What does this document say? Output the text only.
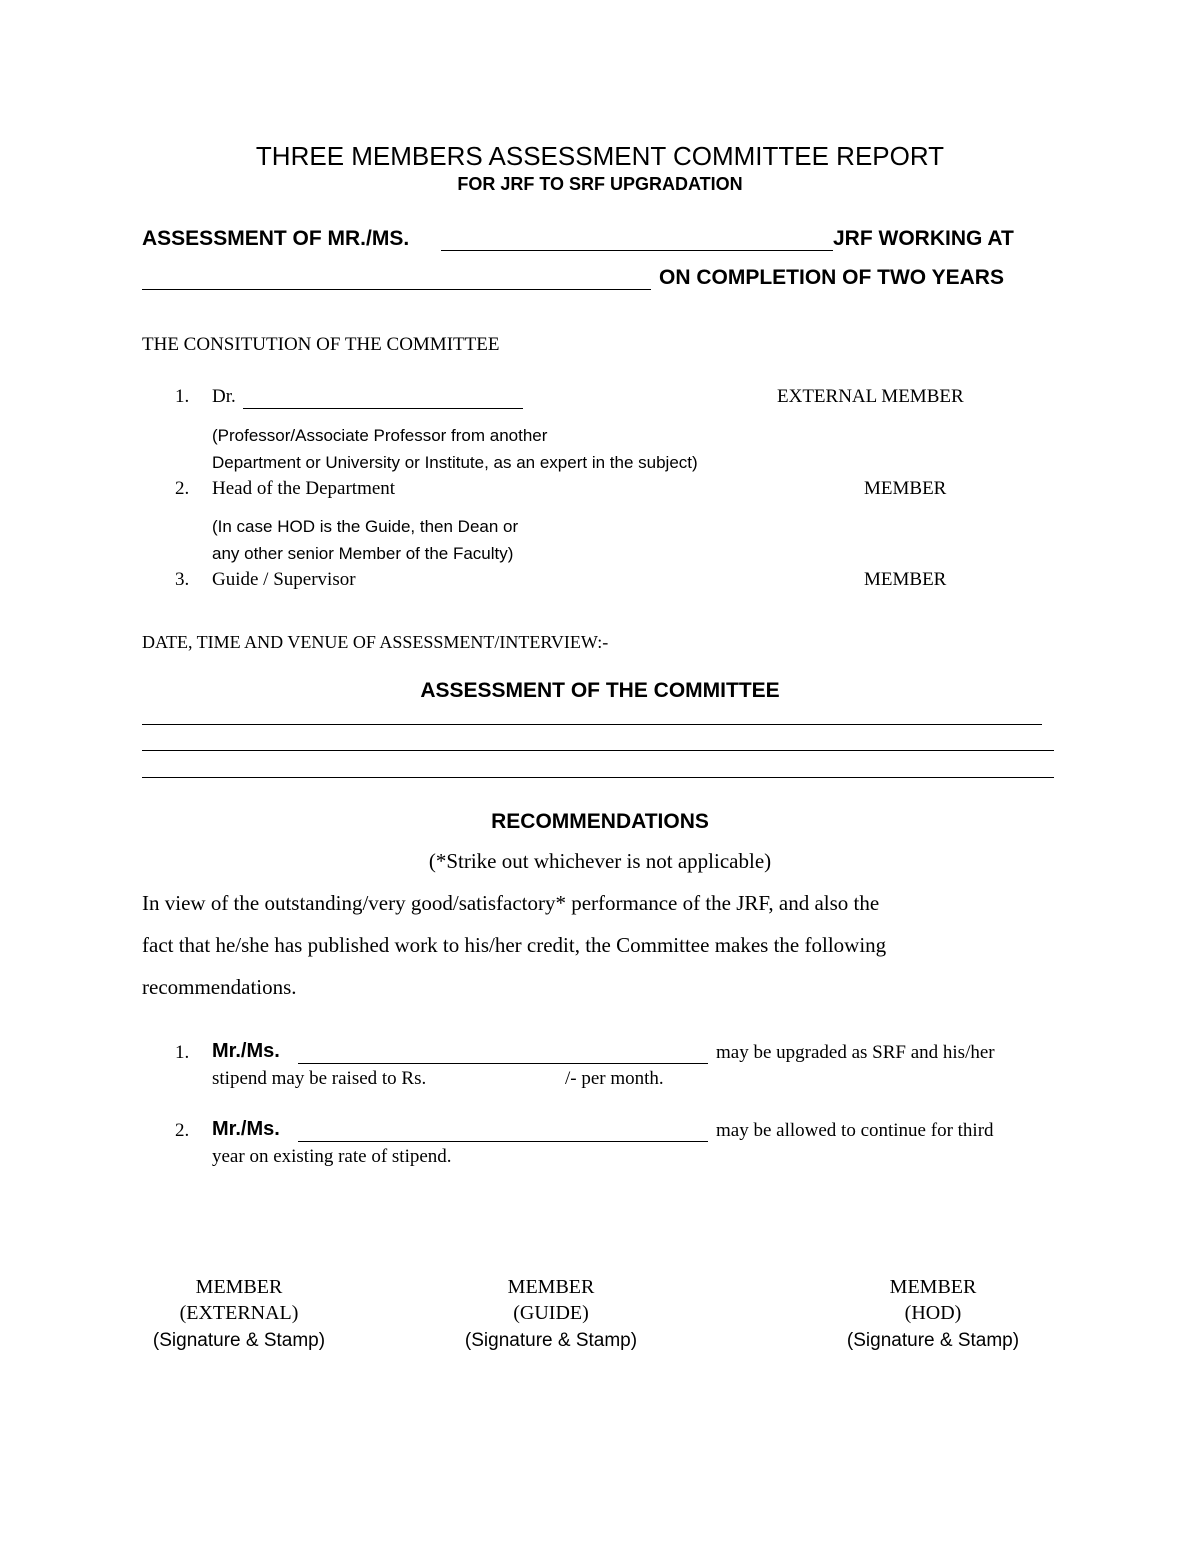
THREE MEMBERS ASSESSMENT COMMITTEE REPORT
FOR JRF TO SRF UPGRADATION
ASSESSMENT OF MR./MS.	JRF WORKING AT
ON COMPLETION OF TWO YEARS
THE CONSITUTION OF THE COMMITTEE
1. Dr.	EXTERNAL MEMBER
(Professor/Associate Professor from another
Department or University or Institute, as an expert in the subject)
2. Head of the Department	MEMBER
(In case HOD is the Guide, then Dean or
any other senior Member of the Faculty)
3. Guide / Supervisor	MEMBER
DATE, TIME AND VENUE OF ASSESSMENT/INTERVIEW:-
ASSESSMENT OF THE COMMITTEE
RECOMMENDATIONS
(*Strike out whichever is not applicable)
In view of the outstanding/very good/satisfactory* performance of the JRF, and also the
fact that he/she has published work to his/her credit, the Committee makes the following
recommendations.
1. Mr./Ms.	may be upgraded as SRF and his/her
stipend may be raised to Rs.	/- per month.
2. Mr./Ms.	may be allowed to continue for third
year on existing rate of stipend.
MEMBER
(EXTERNAL)
(Signature & Stamp)
MEMBER
(GUIDE)
(Signature & Stamp)
MEMBER
(HOD)
(Signature & Stamp)
